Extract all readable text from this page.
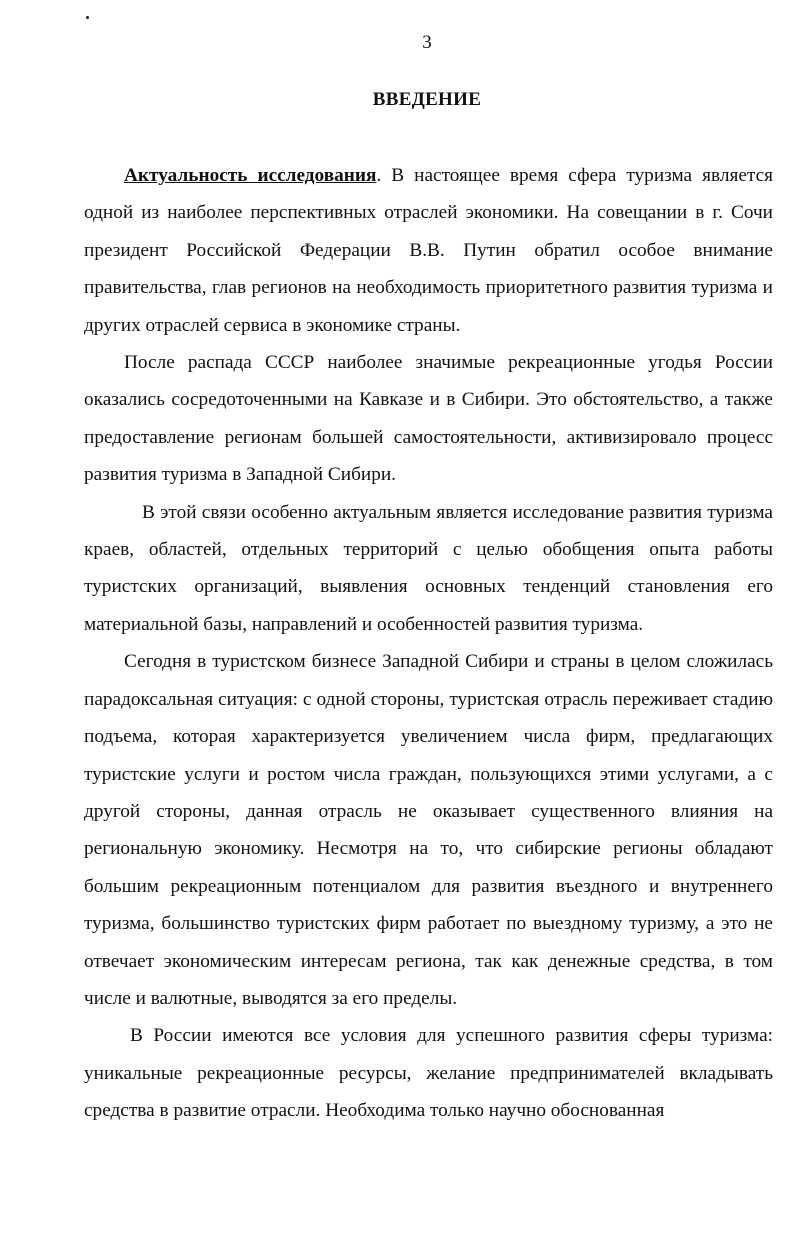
3
ВВЕДЕНИЕ

Актуальность исследования. В настоящее время сфера туризма является одной из наиболее перспективных отраслей экономики. На совещании в г. Сочи президент Российской Федерации В.В. Путин обратил особое внимание правительства, глав регионов на необходимость приоритетного развития туризма и других отраслей сервиса в экономике страны.

После распада СССР наиболее значимые рекреационные угодья России оказались сосредоточенными на Кавказе и в Сибири. Это обстоятельство, а также предоставление регионам большей самостоятельности, активизировало процесс развития туризма в Западной Сибири.

В этой связи особенно актуальным является исследование развития туризма краев, областей, отдельных территорий с целью обобщения опыта работы туристских организаций, выявления основных тенденций становления его материальной базы, направлений и особенностей развития туризма.

Сегодня в туристском бизнесе Западной Сибири и страны в целом сложилась парадоксальная ситуация: с одной стороны, туристская отрасль переживает стадию подъема, которая характеризуется увеличением числа фирм, предлагающих туристские услуги и ростом числа граждан, пользующихся этими услугами, а с другой стороны, данная отрасль не оказывает существенного влияния на региональную экономику. Несмотря на то, что сибирские регионы обладают большим рекреационным потенциалом для развития въездного и внутреннего туризма, большинство туристских фирм работает по выездному туризму, а это не отвечает экономическим интересам региона, так как денежные средства, в том числе и валютные, выводятся за его пределы.

В России имеются все условия для успешного развития сферы туризма: уникальные рекреационные ресурсы, желание предпринимателей вкладывать средства в развитие отрасли. Необходима только научно обоснованная
